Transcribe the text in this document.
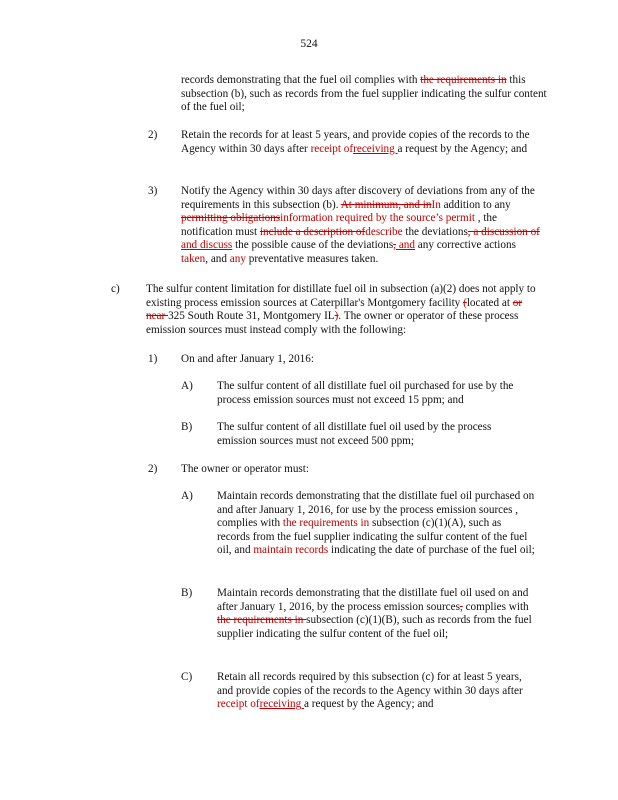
524

records demonstrating that the fuel oil complies with the requirements in this subsection (b), such as records from the fuel supplier indicating the sulfur content of the fuel oil;

2) Retain the records for at least 5 years, and provide copies of the records to the Agency within 30 days after receipt ofreceiving a request by the Agency; and

3) Notify the Agency within 30 days after discovery of deviations from any of the requirements in this subsection (b). At minimum, and inIn addition to any permitting obligationsinformation required by the source’s permit , the notification must include a description ofdescribe the deviations, a discussion of and discuss the possible cause of the deviations, and any corrective actions taken, and any preventative measures taken.

c) The sulfur content limitation for distillate fuel oil in subsection (a)(2) does not apply to existing process emission sources at Caterpillar's Montgomery facility (located at or near 325 South Route 31, Montgomery IL). The owner or operator of these process emission sources must instead comply with the following:

1) On and after January 1, 2016:

A) The sulfur content of all distillate fuel oil purchased for use by the process emission sources must not exceed 15 ppm; and

B) The sulfur content of all distillate fuel oil used by the process emission sources must not exceed 500 ppm;

2) The owner or operator must:

A) Maintain records demonstrating that the distillate fuel oil purchased on and after January 1, 2016, for use by the process emission sources , complies with the requirements in subsection (c)(1)(A), such as records from the fuel supplier indicating the sulfur content of the fuel oil, and maintain records indicating the date of purchase of the fuel oil;

B) Maintain records demonstrating that the distillate fuel oil used on and after January 1, 2016, by the process emission sources, complies with the requirements in subsection (c)(1)(B), such as records from the fuel supplier indicating the sulfur content of the fuel oil;

C) Retain all records required by this subsection (c) for at least 5 years, and provide copies of the records to the Agency within 30 days after receipt ofreceiving a request by the Agency; and
